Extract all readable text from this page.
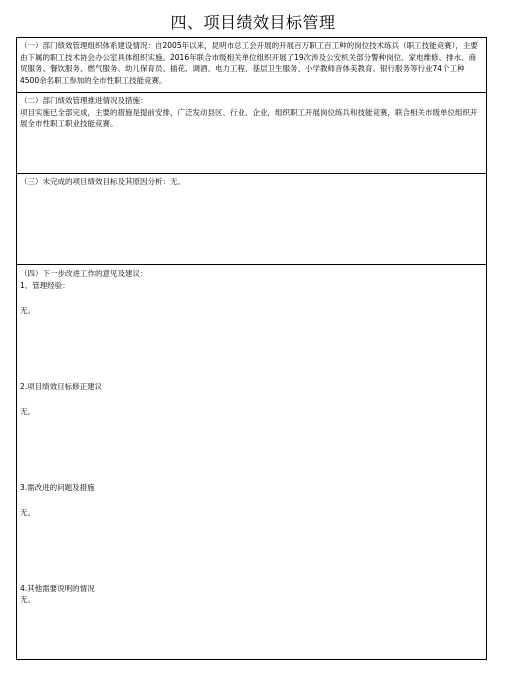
四、项目绩效目标管理
（一）部门绩效管理组织体系建设情况：自2005年以来，昆明市总工会开展的开展百万职工百工种的岗位技术练兵（职工技能竞赛），主要由下属的职工技术协会办公室具体组织实施。2016年联合市级相关单位组织开展了19次涉及公安机关部分警种岗位、家电维修、排水、商贸服务、餐饮服务、燃气服务、幼儿保育员、插花、调酒、电力工程、基层卫生服务、小学教师音体美教育、银行服务等行业74个工种4500余名职工参加的全市性职工技能竞赛。
（二）部门绩效管理推进情况及措施：
项目实施已全部完成，主要的措施是提前安排，广泛发动县区、行业、企业，组织职工开展岗位练兵和技能竞赛，联合相关市级单位组织开展全市性职工职业技能竞赛。
（三）未完成的项目绩效目标及其原因分析：无。
（四）下一步改进工作的意见及建议：
1、管理经验：
无。
2.项目绩效目标修正建议
无。
3.需改进的问题及措施
无。
4.其他需要说明的情况
无。
